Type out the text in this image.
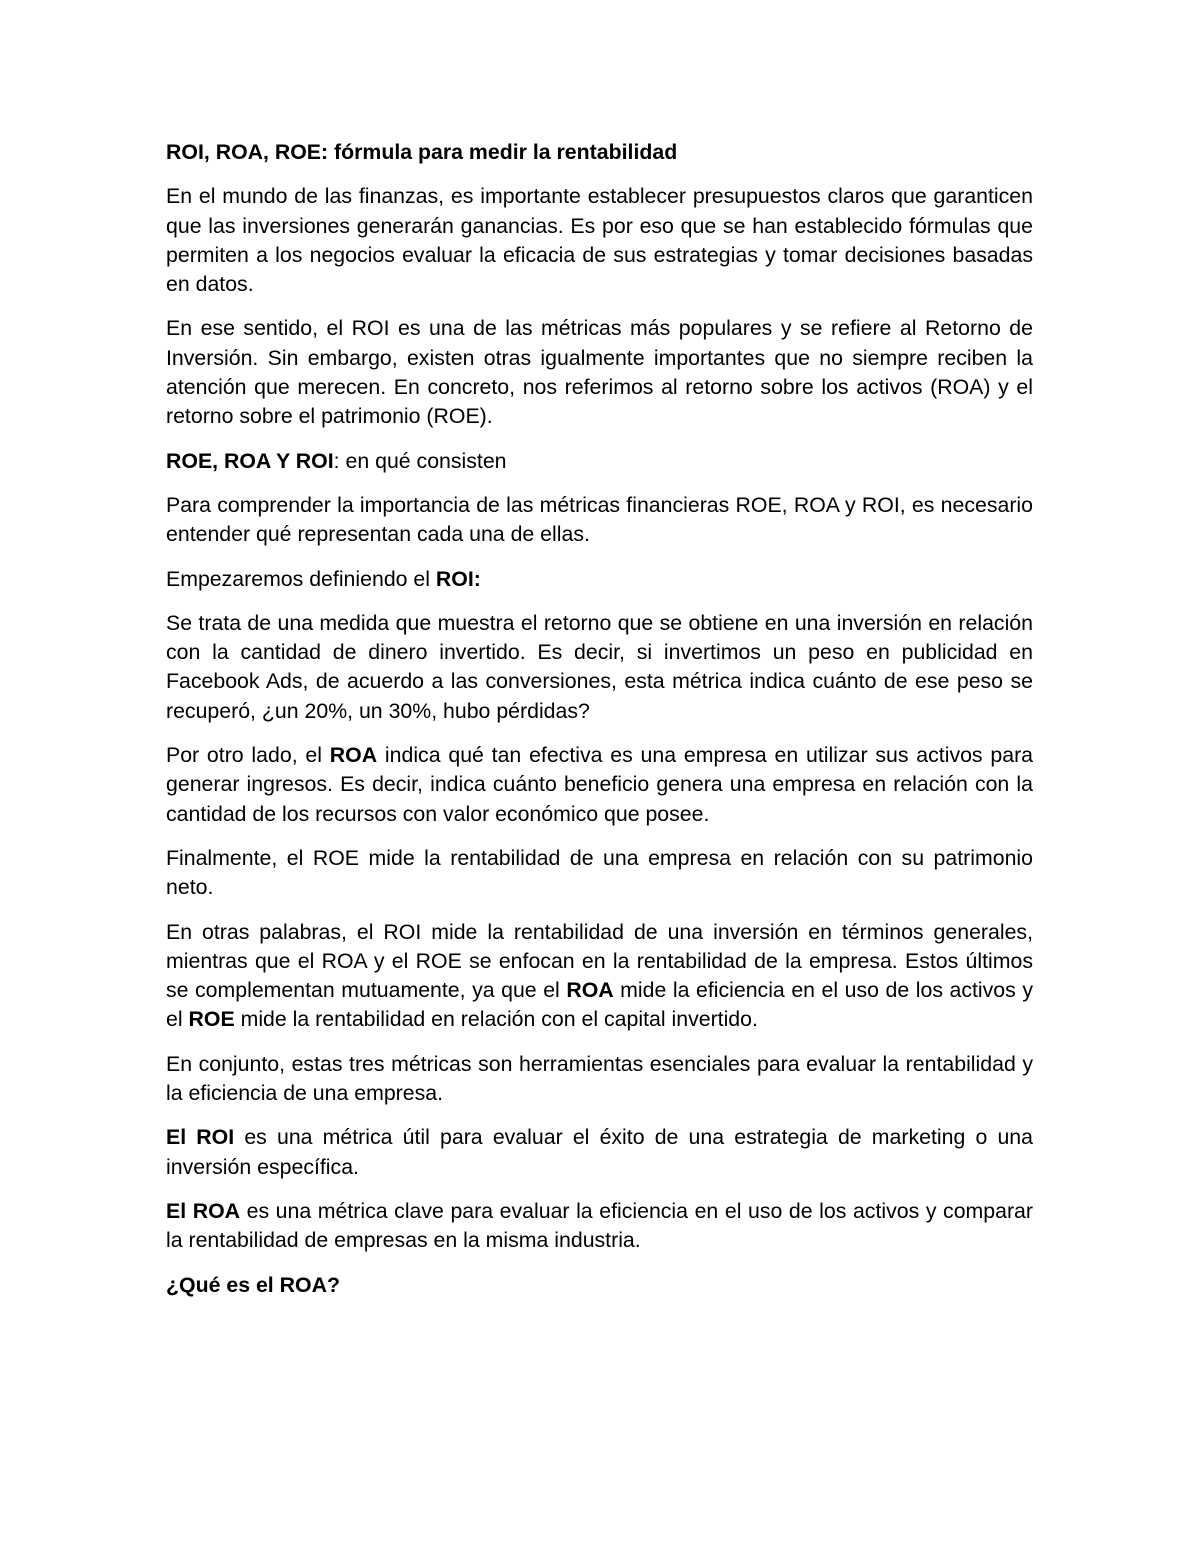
ROI, ROA, ROE: fórmula para medir la rentabilidad

En el mundo de las finanzas, es importante establecer presupuestos claros que garanticen que las inversiones generarán ganancias. Es por eso que se han establecido fórmulas que permiten a los negocios evaluar la eficacia de sus estrategias y tomar decisiones basadas en datos.

En ese sentido, el ROI es una de las métricas más populares y se refiere al Retorno de Inversión. Sin embargo, existen otras igualmente importantes que no siempre reciben la atención que merecen. En concreto, nos referimos al retorno sobre los activos (ROA) y el retorno sobre el patrimonio (ROE).

ROE, ROA Y ROI: en qué consisten

Para comprender la importancia de las métricas financieras ROE, ROA y ROI, es necesario entender qué representan cada una de ellas.

Empezaremos definiendo el ROI:

Se trata de una medida que muestra el retorno que se obtiene en una inversión en relación con la cantidad de dinero invertido. Es decir, si invertimos un peso en publicidad en Facebook Ads, de acuerdo a las conversiones, esta métrica indica cuánto de ese peso se recuperó, ¿un 20%, un 30%, hubo pérdidas?

Por otro lado, el ROA indica qué tan efectiva es una empresa en utilizar sus activos para generar ingresos. Es decir, indica cuánto beneficio genera una empresa en relación con la cantidad de los recursos con valor económico que posee.

Finalmente, el ROE mide la rentabilidad de una empresa en relación con su patrimonio neto.

En otras palabras, el ROI mide la rentabilidad de una inversión en términos generales, mientras que el ROA y el ROE se enfocan en la rentabilidad de la empresa. Estos últimos se complementan mutuamente, ya que el ROA mide la eficiencia en el uso de los activos y el ROE mide la rentabilidad en relación con el capital invertido.

En conjunto, estas tres métricas son herramientas esenciales para evaluar la rentabilidad y la eficiencia de una empresa.

El ROI es una métrica útil para evaluar el éxito de una estrategia de marketing o una inversión específica.

El ROA es una métrica clave para evaluar la eficiencia en el uso de los activos y comparar la rentabilidad de empresas en la misma industria.

¿Qué es el ROA?
